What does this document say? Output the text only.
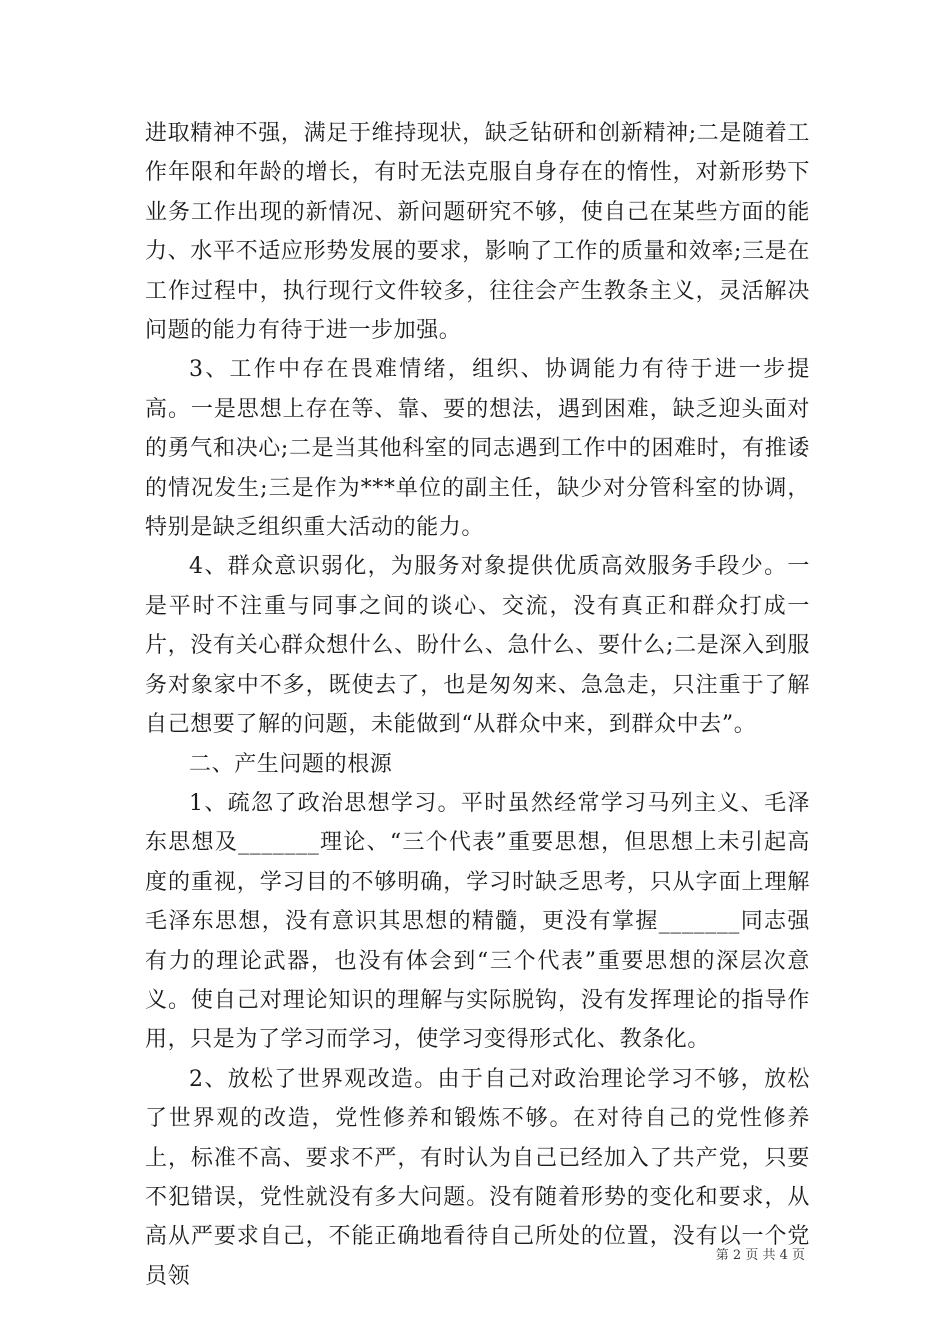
进取精神不强，满足于维持现状，缺乏钻研和创新精神;二是随着工作年限和年龄的增长，有时无法克服自身存在的惰性，对新形势下业务工作出现的新情况、新问题研究不够，使自己在某些方面的能力、水平不适应形势发展的要求，影响了工作的质量和效率;三是在工作过程中，执行现行文件较多，往往会产生教条主义，灵活解决问题的能力有待于进一步加强。

3、工作中存在畏难情绪，组织、协调能力有待于进一步提高。一是思想上存在等、靠、要的想法，遇到困难，缺乏迎头面对的勇气和决心;二是当其他科室的同志遇到工作中的困难时，有推诿的情况发生;三是作为***单位的副主任，缺少对分管科室的协调，特别是缺乏组织重大活动的能力。

4、群众意识弱化，为服务对象提供优质高效服务手段少。一是平时不注重与同事之间的谈心、交流，没有真正和群众打成一片，没有关心群众想什么、盼什么、急什么、要什么;二是深入到服务对象家中不多，既使去了，也是匆匆来、急急走，只注重于了解自己想要了解的问题，未能做到“从群众中来，到群众中去”。

二、产生问题的根源

1、疏忽了政治思想学习。平时虽然经常学习马列主义、毛泽东思想及_______理论、“三个代表”重要思想，但思想上未引起高度的重视，学习目的不够明确，学习时缺乏思考，只从字面上理解毛泽东思想，没有意识其思想的精髓，更没有掌握_______同志强有力的理论武器，也没有体会到“三个代表”重要思想的深层次意义。使自己对理论知识的理解与实际脱钩，没有发挥理论的指导作用，只是为了学习而学习，使学习变得形式化、教条化。

2、放松了世界观改造。由于自己对政治理论学习不够，放松了世界观的改造，党性修养和锻炼不够。在对待自己的党性修养上，标准不高、要求不严，有时认为自己已经加入了共产党，只要不犯错误，党性就没有多大问题。没有随着形势的变化和要求，从高从严要求自己，不能正确地看待自己所处的位置，没有以一个党员领

第 2 页 共 4 页
